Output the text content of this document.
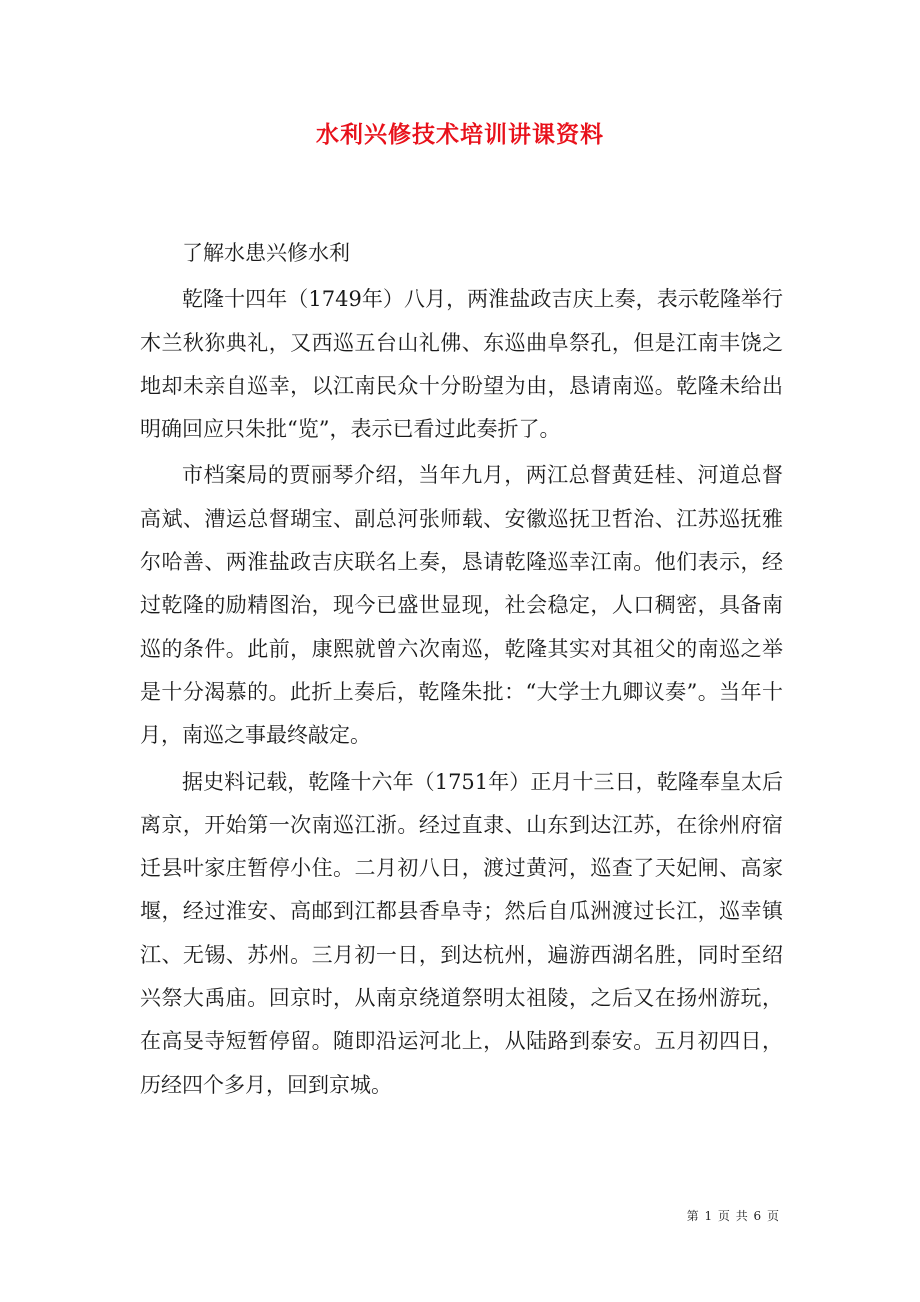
水利兴修技术培训讲课资料

了解水患兴修水利

乾隆十四年（1749年）八月，两淮盐政吉庆上奏，表示乾隆举行木兰秋狝典礼，又西巡五台山礼佛、东巡曲阜祭孔，但是江南丰饶之地却未亲自巡幸，以江南民众十分盼望为由，恳请南巡。乾隆未给出明确回应只朱批“览”，表示已看过此奏折了。

市档案局的贾丽琴介绍，当年九月，两江总督黄廷桂、河道总督高斌、漕运总督瑚宝、副总河张师载、安徽巡抚卫哲治、江苏巡抚雅尔哈善、两淮盐政吉庆联名上奏，恳请乾隆巡幸江南。他们表示，经过乾隆的励精图治，现今已盛世显现，社会稳定，人口稠密，具备南巡的条件。此前，康熙就曾六次南巡，乾隆其实对其祖父的南巡之举是十分渴慕的。此折上奏后，乾隆朱批：“大学士九卿议奏”。当年十月，南巡之事最终敲定。

据史料记载，乾隆十六年（1751年）正月十三日，乾隆奉皇太后离京，开始第一次南巡江浙。经过直隶、山东到达江苏，在徐州府宿迁县叶家庄暂停小住。二月初八日，渡过黄河，巡查了天妃闸、高家堰，经过淮安、高邮到江都县香阜寺；然后自瓜洲渡过长江，巡幸镇江、无锡、苏州。三月初一日，到达杭州，遍游西湖名胜，同时至绍兴祭大禹庙。回京时，从南京绕道祭明太祖陵，之后又在扬州游玩，在高旻寺短暂停留。随即沿运河北上，从陆路到泰安。五月初四日，历经四个多月，回到京城。

第 1 页 共 6 页
